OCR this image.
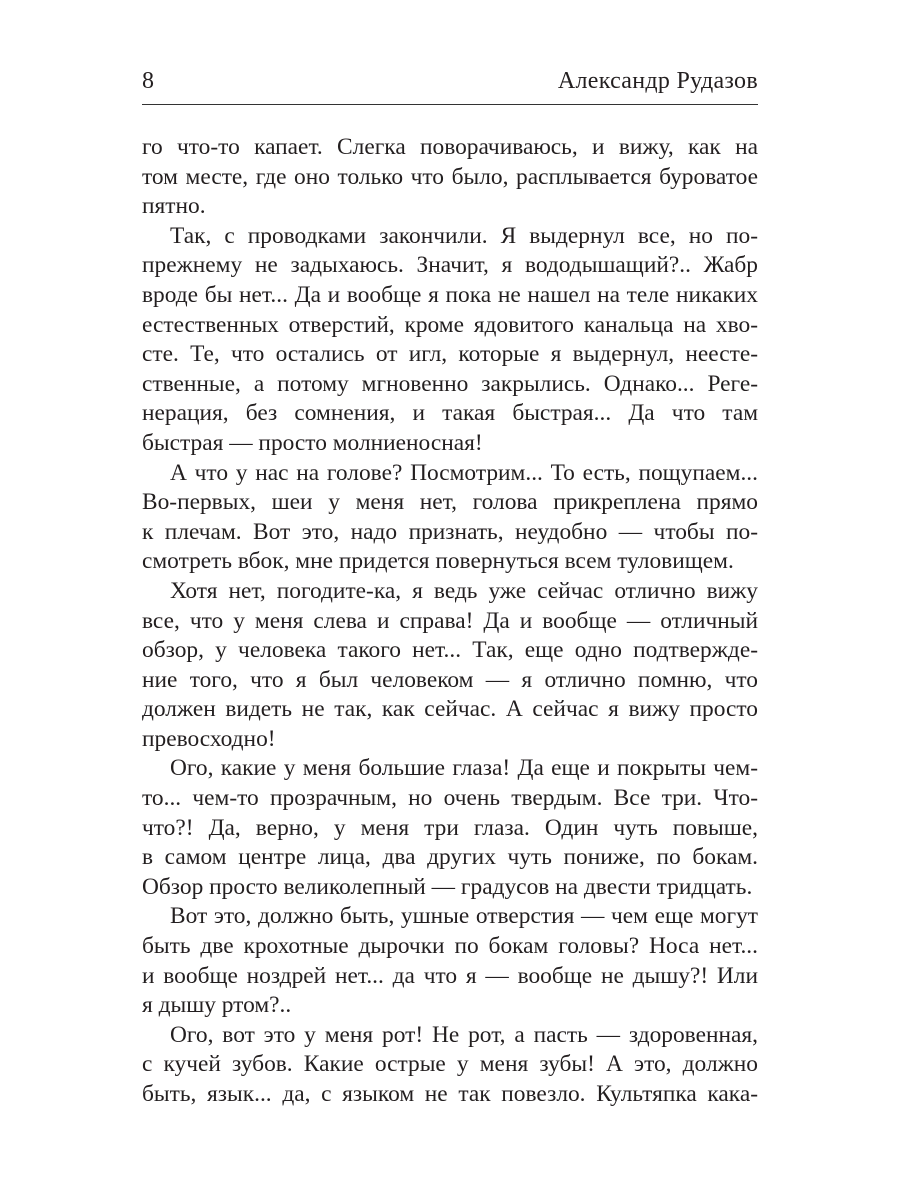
8	Александр Рудазов
го что-то капает. Слегка поворачиваюсь, и вижу, как на
том месте, где оно только что было, расплывается буроватое
пятно.
Так, с проводками закончили. Я выдернул все, но по-
прежнему не задыхаюсь. Значит, я вододышащий?.. Жабр
вроде бы нет... Да и вообще я пока не нашел на теле никаких
естественных отверстий, кроме ядовитого канальца на хво-
сте. Те, что остались от игл, которые я выдернул, неесте-
ственные, а потому мгновенно закрылись. Однако... Реге-
нерация, без сомнения, и такая быстрая... Да что там
быстрая — просто молниеносная!
А что у нас на голове? Посмотрим... То есть, пощупаем...
Во-первых, шеи у меня нет, голова прикреплена прямо
к плечам. Вот это, надо признать, неудобно — чтобы по-
смотреть вбок, мне придется повернуться всем туловищем.
Хотя нет, погодите-ка, я ведь уже сейчас отлично вижу
все, что у меня слева и справа! Да и вообще — отличный
обзор, у человека такого нет... Так, еще одно подтвержде-
ние того, что я был человеком — я отлично помню, что
должен видеть не так, как сейчас. А сейчас я вижу просто
превосходно!
Ого, какие у меня большие глаза! Да еще и покрыты чем-
то... чем-то прозрачным, но очень твердым. Все три. Что-
что?! Да, верно, у меня три глаза. Один чуть повыше,
в самом центре лица, два других чуть пониже, по бокам.
Обзор просто великолепный — градусов на двести тридцать.
Вот это, должно быть, ушные отверстия — чем еще могут
быть две крохотные дырочки по бокам головы? Носа нет...
и вообще ноздрей нет... да что я — вообще не дышу?! Или
я дышу ртом?..
Ого, вот это у меня рот! Не рот, а пасть — здоровенная,
с кучей зубов. Какие острые у меня зубы! А это, должно
быть, язык... да, с языком не так повезло. Культяпка кака-
